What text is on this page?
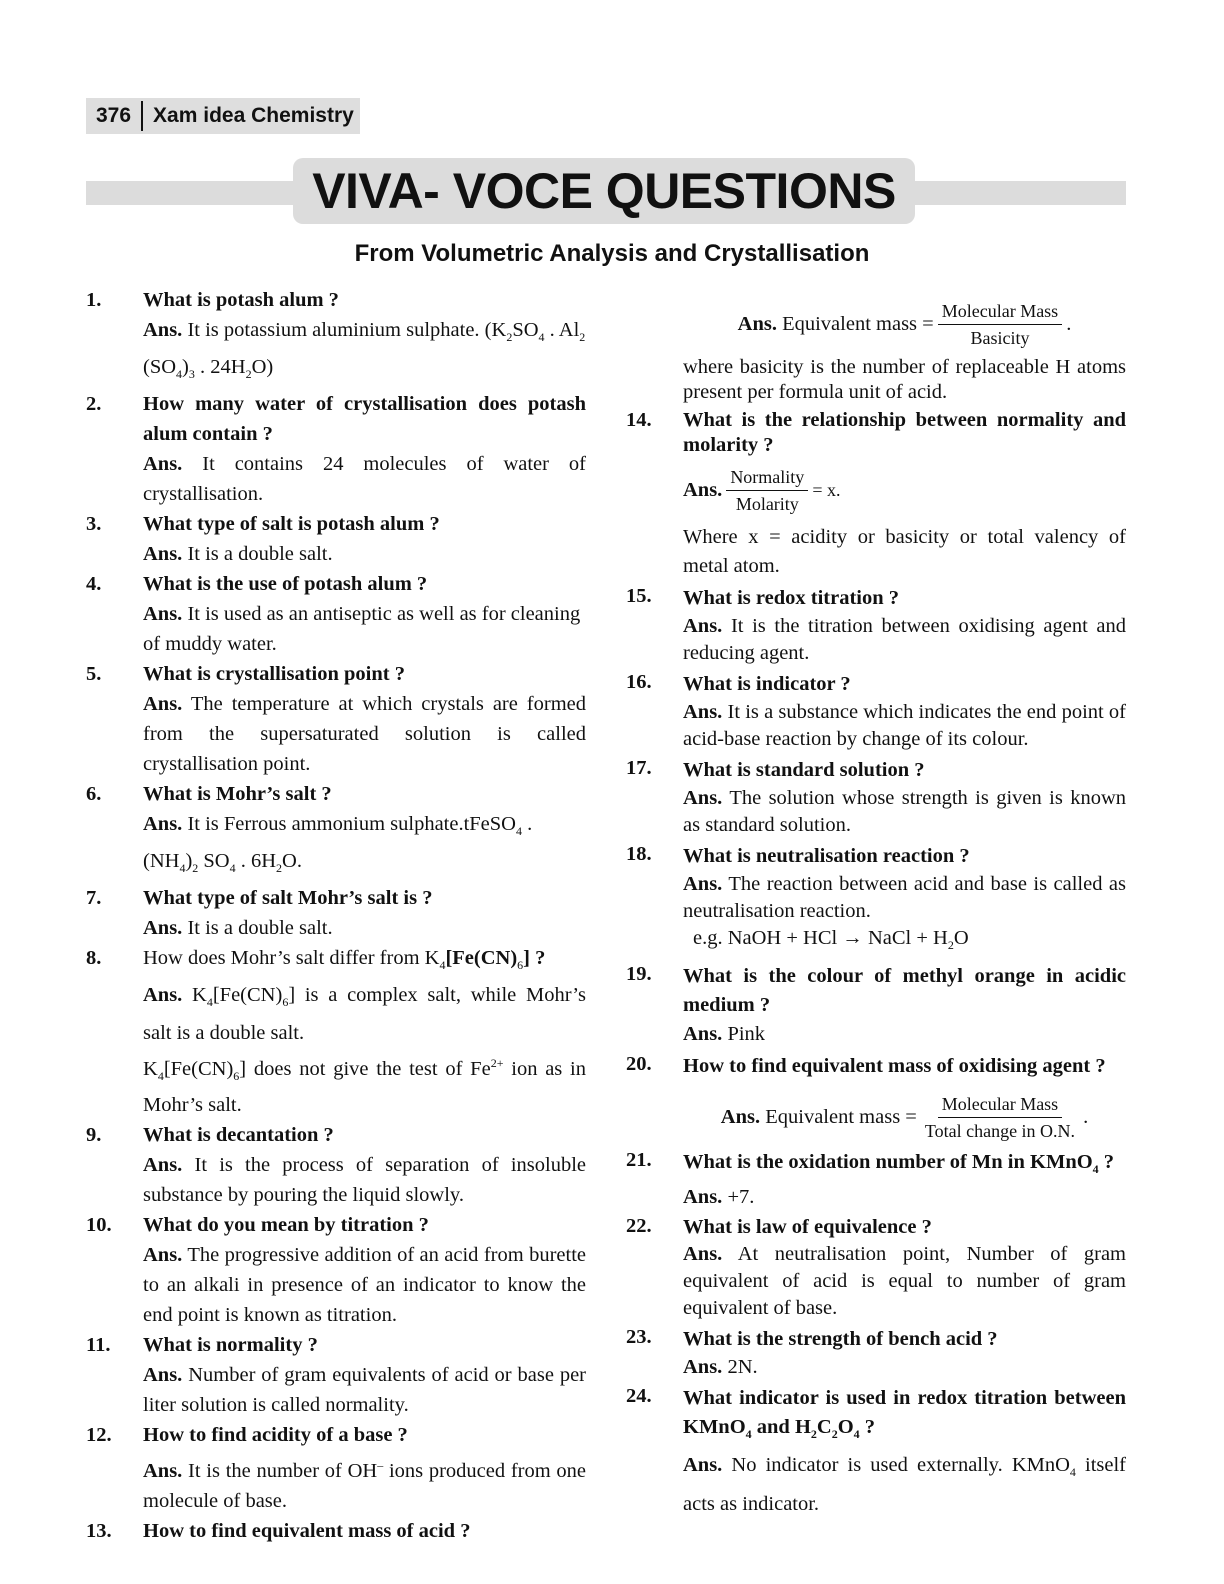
376 Xam idea Chemistry
VIVA- VOCE QUESTIONS
From Volumetric Analysis and Crystallisation
1. What is potash alum ?
Ans. It is potassium aluminium sulphate. ($K_2SO_4$ . $Al_2$ $(SO_4)_3$ . $24H_2O$)
2. How many water of crystallisation does potash alum contain ?
Ans. It contains 24 molecules of water of crystallisation.
3. What type of salt is potash alum ?
Ans. It is a double salt.
4. What is the use of potash alum ?
Ans. It is used as an antiseptic as well as for cleaning of muddy water.
5. What is crystallisation point ?
Ans. The temperature at which crystals are formed from the supersaturated solution is called crystallisation point.
6. What is Mohr’s salt ?
Ans. It is Ferrous ammonium sulphate.tFeSO$_4$ . $(NH_4)_2$ $SO_4$ . $6H_2O$.
7. What type of salt Mohr’s salt is ?
Ans. It is a double salt.
8. How does Mohr’s salt differ from $K_4[Fe(CN)_6]$ ?
Ans. $K_4[Fe(CN)_6]$ is a complex salt, while Mohr’s salt is a double salt.
$K_4[Fe(CN)_6]$ does not give the test of $Fe^{2+}$ ion as in Mohr’s salt.
9. What is decantation ?
Ans. It is the process of separation of insoluble substance by pouring the liquid slowly.
10. What do you mean by titration ?
Ans. The progressive addition of an acid from burette to an alkali in presence of an indicator to know the end point is known as titration.
11. What is normality ?
Ans. Number of gram equivalents of acid or base per liter solution is called normality.
12. How to find acidity of a base ?
Ans. It is the number of OH– ions produced from one molecule of base.
13. How to find equivalent mass of acid ?
Ans.
Equivalent mass = $\frac{\text{Molecular Mass}}{\text{Basicity}}$ .
where basicity is the number of replaceable H atoms present per formula unit of acid.
14. What is the relationship between normality and molarity ?
Ans. $\frac{\text{Normality}}{\text{Molarity}} = x$.
Where x = acidity or basicity or total valency of metal atom.
15. What is redox titration ?
Ans. It is the titration between oxidising agent and reducing agent.
16. What is indicator ?
Ans. It is a substance which indicates the end point of acid-base reaction by change of its colour.
17. What is standard solution ?
Ans. The solution whose strength is given is known as standard solution.
18. What is neutralisation reaction ?
Ans. The reaction between acid and base is called as neutralisation reaction.
e.g. NaOH + HCl → NaCl + $H_2O$
19. What is the colour of methyl orange in acidic medium ?
Ans. Pink
20. How to find equivalent mass of oxidising agent ?
Ans.
Equivalent mass = $\frac{\text{Molecular Mass}}{\text{Total change in O.N.}}$ .
21. What is the oxidation number of Mn in KMnO$_4$ ?
Ans. +7.
22. What is law of equivalence ?
Ans. At neutralisation point, Number of gram equivalent of acid is equal to number of gram equivalent of base.
23. What is the strength of bench acid ?
Ans. 2N.
24. What indicator is used in redox titration between KMnO$_4$ and $H_2C_2O_4$ ?
Ans. No indicator is used externally. KMnO$_4$ itself acts as indicator.
